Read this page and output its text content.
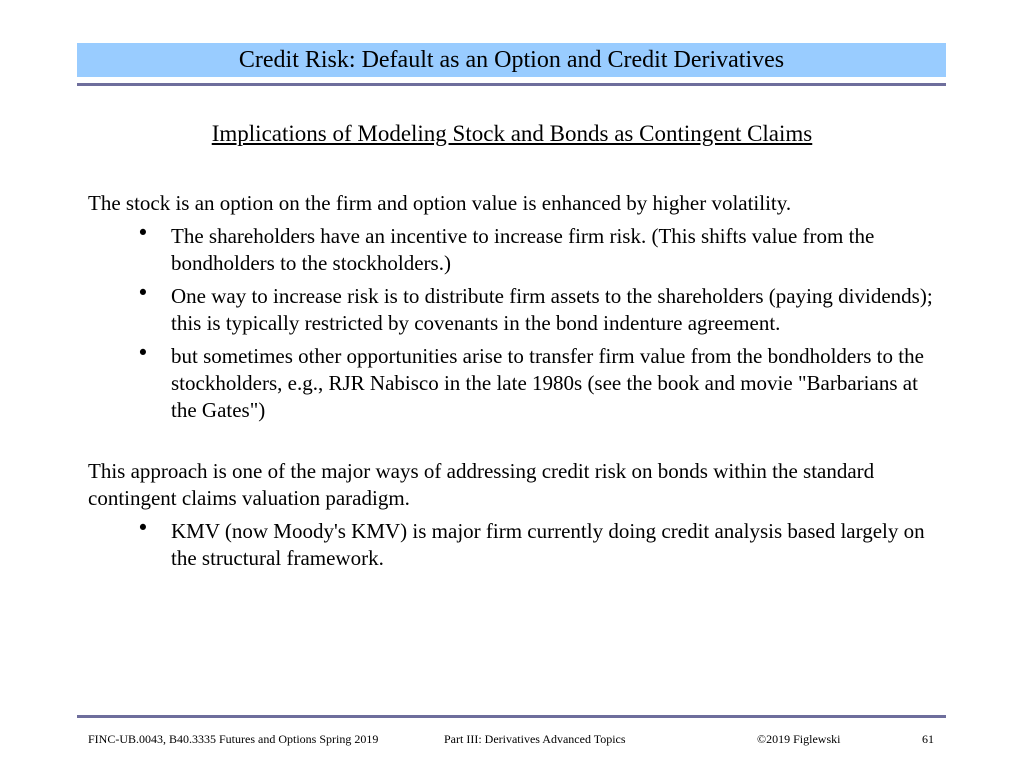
Credit Risk: Default as an Option and Credit Derivatives
Implications of Modeling Stock and Bonds as Contingent Claims

The stock is an option on the firm and option value is enhanced by higher volatility.

• The shareholders have an incentive to increase firm risk. (This shifts value from the bondholders to the stockholders.)
• One way to increase risk is to distribute firm assets to the shareholders (paying dividends); this is typically restricted by covenants in the bond indenture agreement.
• but sometimes other opportunities arise to transfer firm value from the bondholders to the stockholders, e.g., RJR Nabisco in the late 1980s (see the book and movie "Barbarians at the Gates")

This approach is one of the major ways of addressing credit risk on bonds within the standard

contingent claims valuation paradigm.

• KMV (now Moody's KMV) is major firm currently doing credit analysis based largely on the structural framework.
FINC-UB.0043, B40.3335 Futures and Options Spring 2019	Part III: Derivatives Advanced Topics	©2019 Figlewski	61
